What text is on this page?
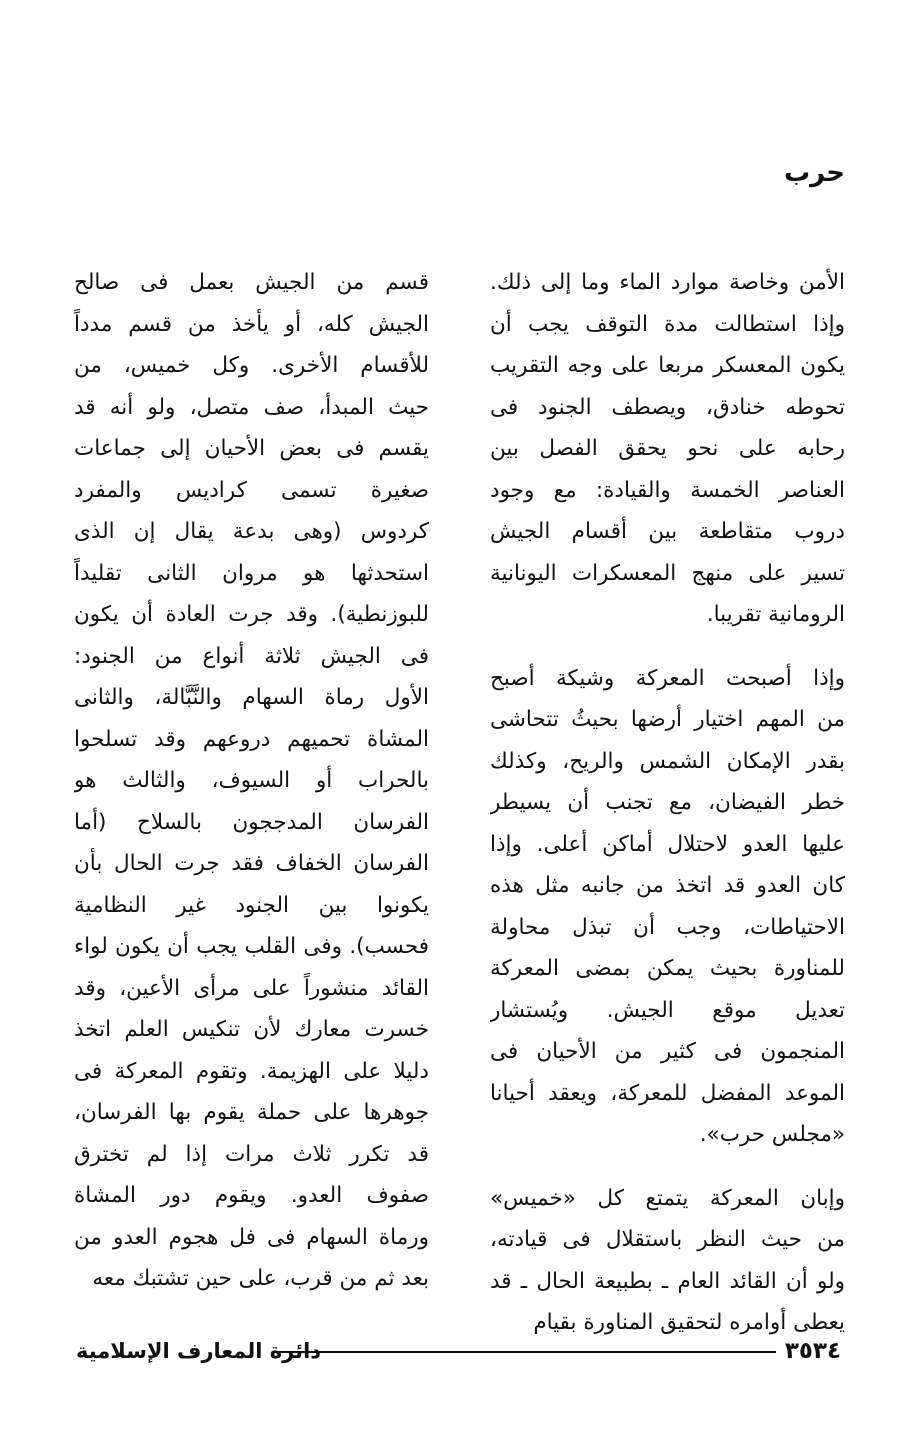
حرب
الأمن وخاصة موارد الماء وما إلى ذلك.
وإذا استطالت مدة التوقف يجب أن
يكون المعسكر مربعا على وجه التقريب
تحوطه خنادق، ويصطف الجنود فى
رحابه على نحو يحقق الفصل بين
العناصر الخمسة والقيادة: مع وجود
دروب متقاطعة بين أقسام الجيش
تسير على منهج المعسكرات اليونانية
الرومانية تقريبا.
وإذا أصبحت المعركة وشيكة أصبح
من المهم اختيار أرضها بحيثُ تتحاشى
بقدر الإمكان الشمس والريح، وكذلك
خطر الفيضان، مع تجنب أن يسيطر
عليها العدو لاحتلال أماكن أعلى. وإذا
كان العدو قد اتخذ من جانبه مثل هذه
الاحتياطات، وجب أن تبذل محاولة
للمناورة بحيث يمكن بمضى المعركة
تعديل موقع الجيش. ويُستشار
المنجمون فى كثير من الأحيان فى
الموعد المفضل للمعركة، ويعقد أحيانا
«مجلس حرب».
وإبان المعركة يتمتع كل «خميس»
من حيث النظر باستقلال فى قيادته،
ولو أن القائد العام ـ بطبيعة الحال ـ قد
يعطى أوامره لتحقيق المناورة بقيام
قسم من الجيش بعمل فى صالح
الجيش كله، أو يأخذ من قسم مدداً
للأقسام الأخرى. وكل خميس، من
حيث المبدأ، صف متصل، ولو أنه قد
يقسم فى بعض الأحيان إلى جماعات
صغيرة تسمى كراديس والمفرد
كردوس (وهى بدعة يقال إن الذى
استحدثها هو مروان الثانى تقليداً
للبوزنطية). وقد جرت العادة أن يكون
فى الجيش ثلاثة أنواع من الجنود:
الأول رماة السهام والنَّبَّالة، والثانى
المشاة تحميهم دروعهم وقد تسلحوا
بالحراب أو السيوف، والثالث هو
الفرسان المدججون بالسلاح (أما
الفرسان الخفاف فقد جرت الحال بأن
يكونوا بين الجنود غير النظامية
فحسب). وفى القلب يجب أن يكون لواء
القائد منشوراً على مرأى الأعين، وقد
خسرت معارك لأن تنكيس العلم اتخذ
دليلا على الهزيمة. وتقوم المعركة فى
جوهرها على حملة يقوم بها الفرسان،
قد تكرر ثلاث مرات إذا لم تخترق
صفوف العدو. ويقوم دور المشاة
ورماة السهام فى فل هجوم العدو من
بعد ثم من قرب، على حين تشتبك معه
٣٥٣٤
دائرة المعارف الإسلامية
